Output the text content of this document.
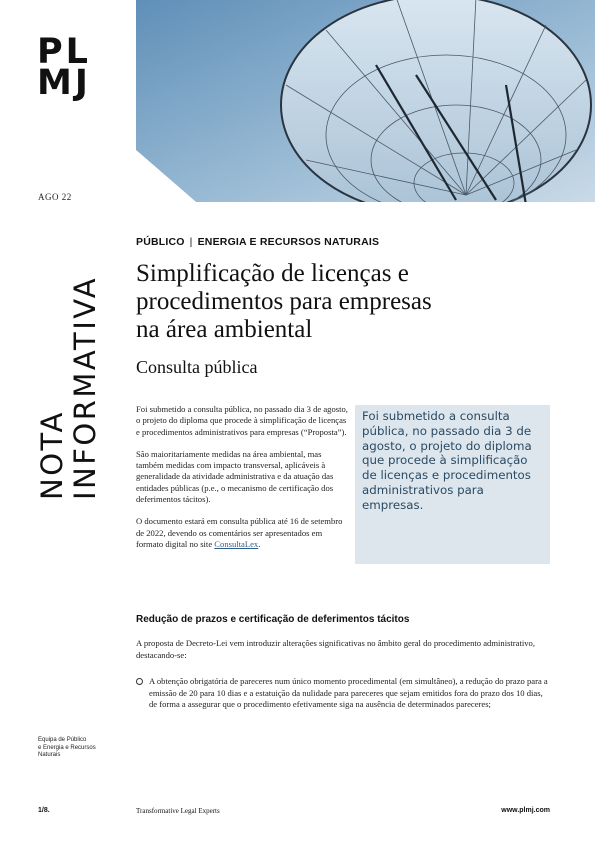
PL
MJ
AGO 22
NOTA INFORMATIVA
PÚBLICO | ENERGIA E RECURSOS NATURAIS
Simplificação de licenças e
procedimentos para empresas
na área ambiental
Consulta pública

Foi submetido a consulta pública, no passado dia 3 de agosto, o projeto do diploma que procede à simplificação de licenças e procedimentos administrativos para empresas (“Proposta”).

São maioritariamente medidas na área ambiental, mas também medidas com impacto transversal, aplicáveis à generalidade da atividade administrativa e da atuação das entidades públicas (p.e., o mecanismo de certificação dos deferimentos tácitos).

O documento estará em consulta pública até 16 de setembro de 2022, devendo os comentários ser apresentados em formato digital no site ConsultaLex.

Foi submetido a consulta pública, no passado dia 3 de agosto, o projeto do diploma que procede à simplificação de licenças e procedimentos administrativos para empresas.
Redução de prazos e certificação de deferimentos tácitos
A proposta de Decreto-Lei vem introduzir alterações significativas no âmbito geral do procedimento administrativo, destacando-se:
A obtenção obrigatória de pareceres num único momento procedimental (em simultâneo), a redução do prazo para a emissão de 20 para 10 dias e a estatuição da nulidade para pareceres que sejam emitidos fora do prazo dos 10 dias, de forma a assegurar que o procedimento efetivamente siga na ausência de determinados pareceres;
Equipa de Público
e Energia e Recursos
Naturais
1/8.	Transformative Legal Experts	www.plmj.com
